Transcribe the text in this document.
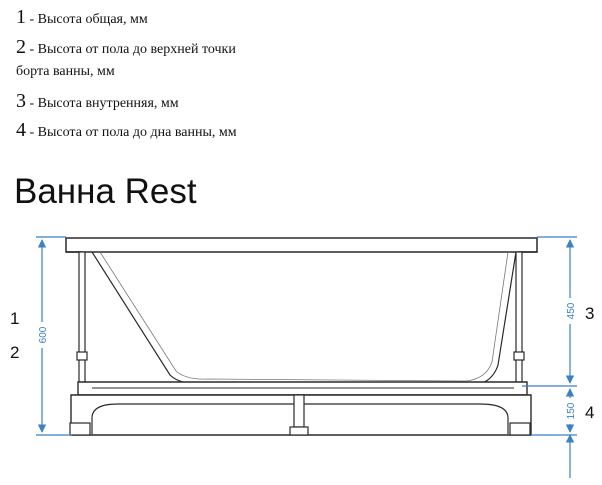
1 - Высота общая, мм
2 - Высота от пола до верхней точки
борта ванны, мм
3 - Высота внутренняя, мм
4 - Высота от пола до дна ванны, мм
Ванна Rest
1
2
3
4
600
450
150
